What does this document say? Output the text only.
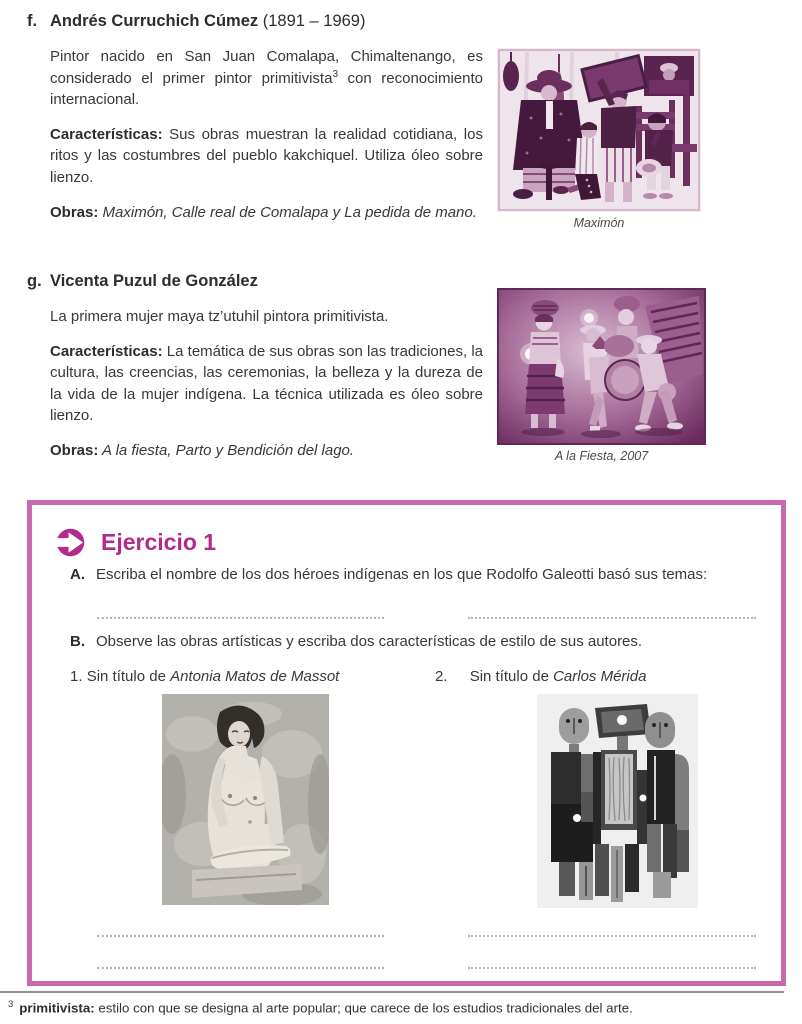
f. Andrés Curruchich Cúmez (1891 – 1969)

Pintor nacido en San Juan Comalapa, Chimaltenango, es considerado el primer pintor primitivista$^3$ con reconocimiento internacional.

Características: Sus obras muestran la realidad cotidiana, los ritos y las costumbres del pueblo kakchiquel. Utiliza óleo sobre lienzo.

Obras: Maximón, Calle real de Comalapa y La pedida de mano.

Maximón
g. Vicenta Puzul de González

La primera mujer maya tz’utuhil pintora primitivista.

Características: La temática de sus obras son las tradiciones, la cultura, las creencias, las ceremonias, la belleza y la dureza de la vida de la mujer indígena. La técnica utilizada es óleo sobre lienzo.

Obras: A la fiesta, Parto y Bendición del lago.	A la Fiesta, 2007
Ejercicio 1
A. Escriba el nombre de los dos héroes indígenas en los que Rodolfo Galeotti basó sus temas:
B. Observe las obras artísticas y escriba dos características de estilo de sus autores.
1. Sin título de Antonia Matos de Massot	2. Sin título de Carlos Mérida
$^3$ primitivista: estilo con que se designa al arte popular; que carece de los estudios tradicionales del arte.
